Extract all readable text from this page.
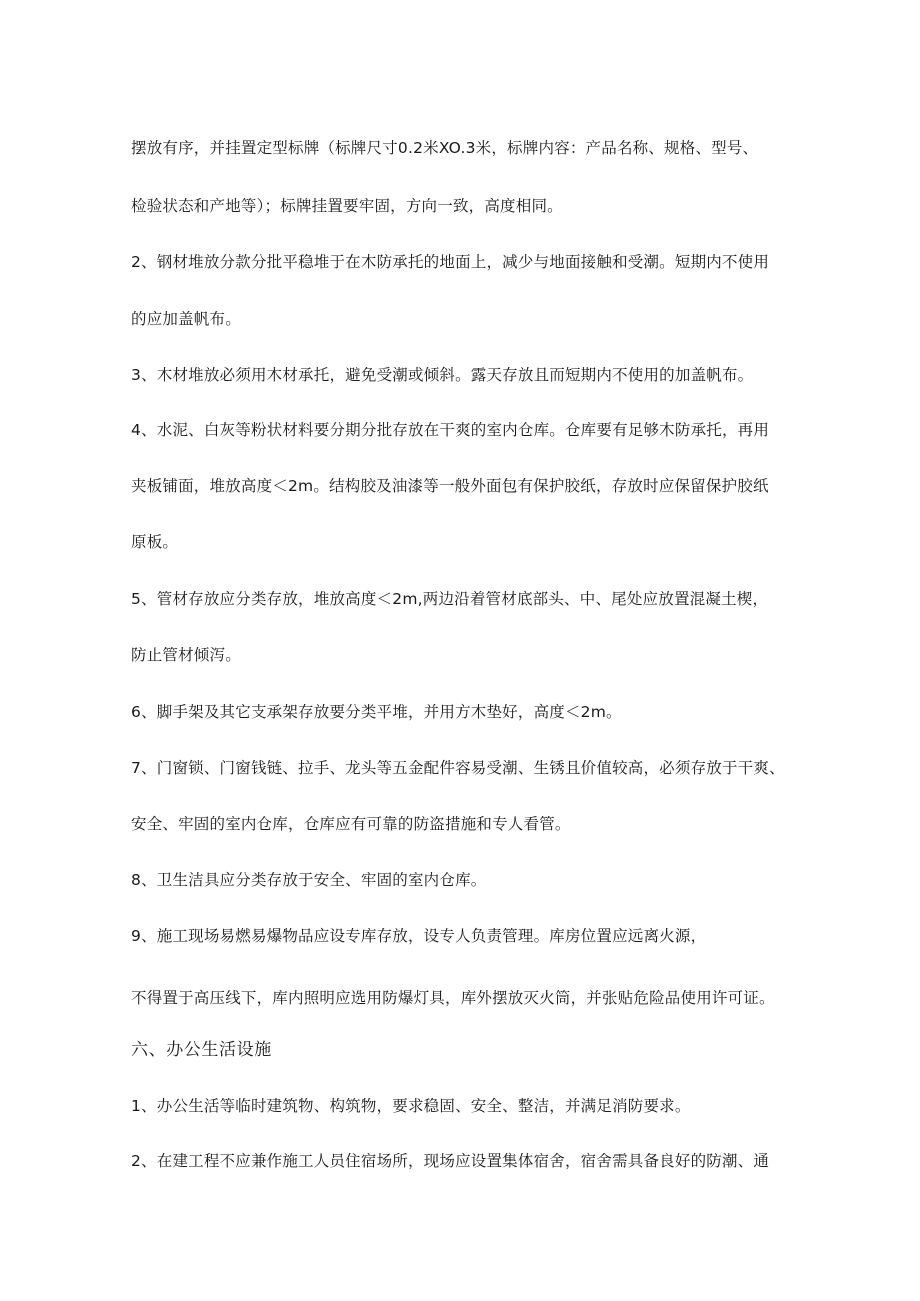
摆放有序，并挂置定型标牌（标牌尺寸0.2米XO.3米，标牌内容：产品名称、规格、型号、
检验状态和产地等）；标牌挂置要牢固，方向一致，高度相同。
2、钢材堆放分款分批平稳堆于在木防承托的地面上，减少与地面接触和受潮。短期内不使用
的应加盖帆布。
3、木材堆放必须用木材承托，避免受潮或倾斜。露天存放且而短期内不使用的加盖帆布。
4、水泥、白灰等粉状材料要分期分批存放在干爽的室内仓库。仓库要有足够木防承托，再用
夹板铺面，堆放高度＜2m。结构胶及油漆等一般外面包有保护胶纸，存放时应保留保护胶纸
原板。
5、管材存放应分类存放，堆放高度＜2m,两边沿着管材底部头、中、尾处应放置混凝土楔，
防止管材倾泻。
6、脚手架及其它支承架存放要分类平堆，并用方木垫好，高度＜2m。
7、门窗锁、门窗钱链、拉手、龙头等五金配件容易受潮、生锈且价值较高，必须存放于干爽、
安全、牢固的室内仓库，仓库应有可靠的防盗措施和专人看管。
8、卫生洁具应分类存放于安全、牢固的室内仓库。
9、施工现场易燃易爆物品应设专库存放，设专人负责管理。库房位置应远离火源，
不得置于高压线下，库内照明应选用防爆灯具，库外摆放灭火筒，并张贴危险品使用许可证。
六、办公生活设施
1、办公生活等临时建筑物、构筑物，要求稳固、安全、整洁，并满足消防要求。
2、在建工程不应兼作施工人员住宿场所，现场应设置集体宿舍，宿舍需具备良好的防潮、通
